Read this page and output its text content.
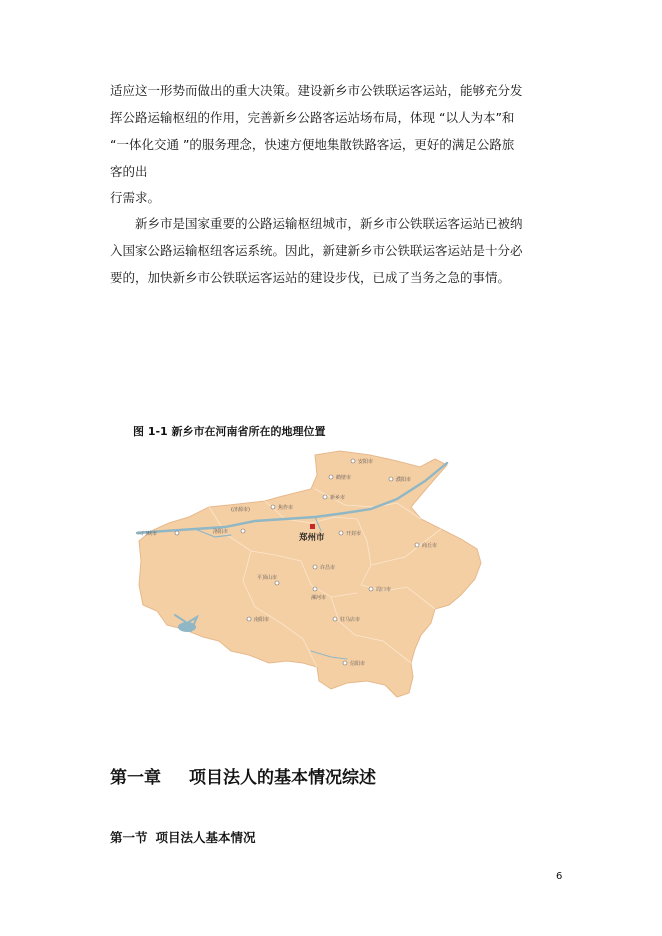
适应这一形势而做出的重大决策。建设新乡市公铁联运客运站，能够充分发
挥公路运输枢纽的作用，完善新乡公路客运站场布局，体现 “以人为本”和
“一体化交通 ”的服务理念，快速方便地集散铁路客运，更好的满足公路旅
客的出
行需求。
新乡市是国家重要的公路运输枢纽城市，新乡市公铁联运客运站已被纳
入国家公路运输枢纽客运系统。因此，新建新乡市公铁联运客运站是十分必
要的，加快新乡市公铁联运客运站的建设步伐，已成了当务之急的事情。
图 1-1 新乡市在河南省所在的地理位置
安阳市
鹤壁市	濮阳市
新乡市
焦作市
(济源市)
洛阳市
三门峡市	郑州市	开封市
商丘市
许昌市
平顶山市
漯河市
周口市
南阳市	驻马店市
信阳市
第一章 项目法人的基本情况综述
第一节 项目法人基本情况
6
